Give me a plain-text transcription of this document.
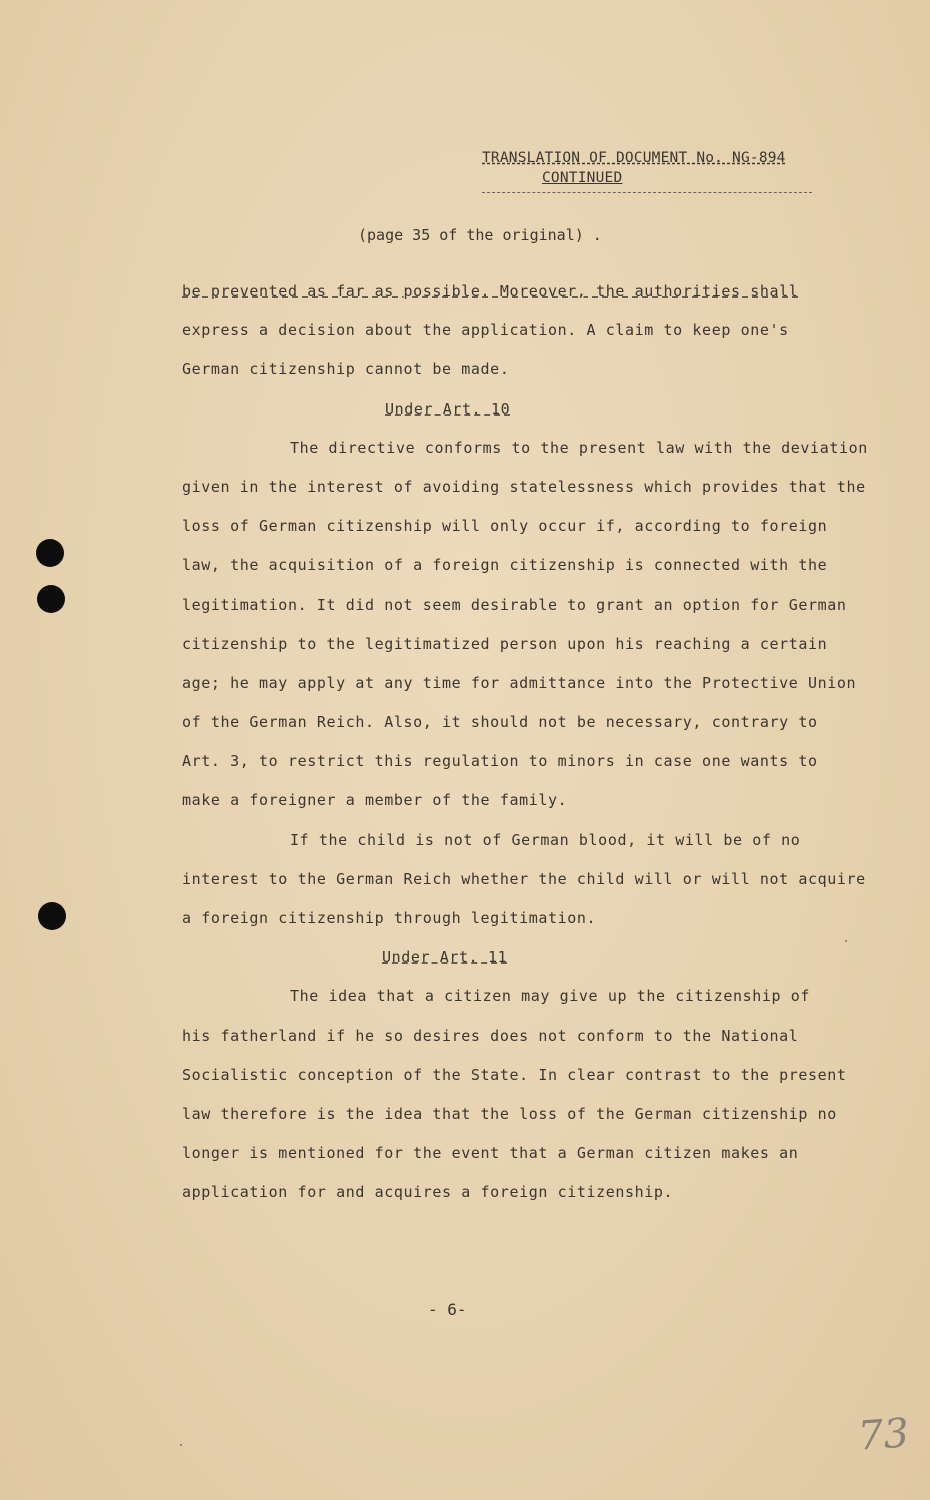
TRANSLATION OF DOCUMENT No. NG-894
CONTINUED
(page 35 of the original) .
be prevented as far as possible. Moreover, the authorities shall
express a decision about the application. A claim to keep one's
German citizenship cannot be made.
Under Art. 10
The directive conforms to the present law with the deviation
given in the interest of avoiding statelessness which provides that the
loss of German citizenship will only occur if, according to foreign
law, the acquisition of a foreign citizenship is connected with the
legitimation. It did not seem desirable to grant an option for German
citizenship to the legitimatized person upon his reaching a certain
age; he may apply at any time for admittance into the Protective Union
of the German Reich. Also, it should not be necessary, contrary to
Art. 3, to restrict this regulation to minors in case one wants to
make a foreigner a member of the family.
If the child is not of German blood, it will be of no
interest to the German Reich whether the child will or will not acquire
a foreign citizenship through legitimation.
Under Art. 11
The idea that a citizen may give up the citizenship of
his fatherland if he so desires does not conform to the National
Socialistic conception of the State. In clear contrast to the present
law therefore is the idea that the loss of the German citizenship no
longer is mentioned for the event that a German citizen makes an
application for and acquires a foreign citizenship.
- 6-
73
